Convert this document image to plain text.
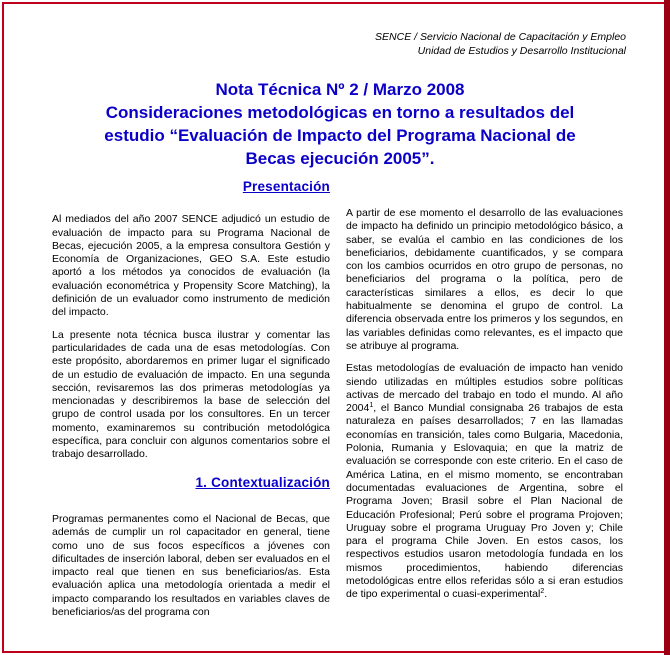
SENCE / Servicio Nacional de Capacitación y Empleo
Unidad de Estudios y Desarrollo Institucional
Nota Técnica Nº 2 / Marzo 2008
Consideraciones metodológicas en torno a resultados del
estudio “Evaluación de Impacto del Programa Nacional de
Becas ejecución 2005”.
Presentación

Al mediados del año 2007 SENCE adjudicó un estudio de evaluación de impacto para su Programa Nacional de Becas, ejecución 2005, a la empresa consultora Gestión y Economía de Organizaciones, GEO S.A. Este estudio aportó a los métodos ya conocidos de evaluación (la evaluación econométrica y Propensity Score Matching), la definición de un evaluador como instrumento de medición del impacto.

La presente nota técnica busca ilustrar y comentar las particularidades de cada una de esas metodologías. Con este propósito, abordaremos en primer lugar el significado de un estudio de evaluación de impacto. En una segunda sección, revisaremos las dos primeras metodologías ya mencionadas y describiremos la base de selección del grupo de control usada por los consultores. En un tercer momento, examinaremos su contribución metodológica específica, para concluir con algunos comentarios sobre el trabajo desarrollado.

1. Contextualización

Programas permanentes como el Nacional de Becas, que además de cumplir un rol capacitador en general, tiene como uno de sus focos específicos a jóvenes con dificultades de inserción laboral, deben ser evaluados en el impacto real que tienen en sus beneficiarios/as. Esta evaluación aplica una metodología orientada a medir el impacto comparando los resultados en variables claves de beneficiarios/as del programa con

A partir de ese momento el desarrollo de las evaluaciones de impacto ha definido un principio metodológico básico, a saber, se evalúa el cambio en las condiciones de los beneficiarios, debidamente cuantificados, y se compara con los cambios ocurridos en otro grupo de personas, no beneficiarios del programa o la política, pero de características similares a ellos, es decir lo que habitualmente se denomina el grupo de control. La diferencia observada entre los primeros y los segundos, en las variables definidas como relevantes, es el impacto que se atribuye al programa.

Estas metodologías de evaluación de impacto han venido siendo utilizadas en múltiples estudios sobre políticas activas de mercado del trabajo en todo el mundo. Al año 2004$^1$, el Banco Mundial consignaba 26 trabajos de esta naturaleza en países desarrollados; 7 en las llamadas economías en transición, tales como Bulgaria, Macedonia, Polonia, Rumania y Eslovaquia; en que la matriz de evaluación se corresponde con este criterio. En el caso de América Latina, en el mismo momento, se encontraban documentadas evaluaciones de Argentina, sobre el Programa Joven; Brasil sobre el Plan Nacional de Educación Profesional; Perú sobre el programa Projoven; Uruguay sobre el programa Uruguay Pro Joven y; Chile para el programa Chile Joven. En estos casos, los respectivos estudios usaron metodología fundada en los mismos procedimientos, habiendo diferencias metodológicas entre ellos referidas sólo a si eran estudios de tipo experimental o cuasi-experimental$^2$.
